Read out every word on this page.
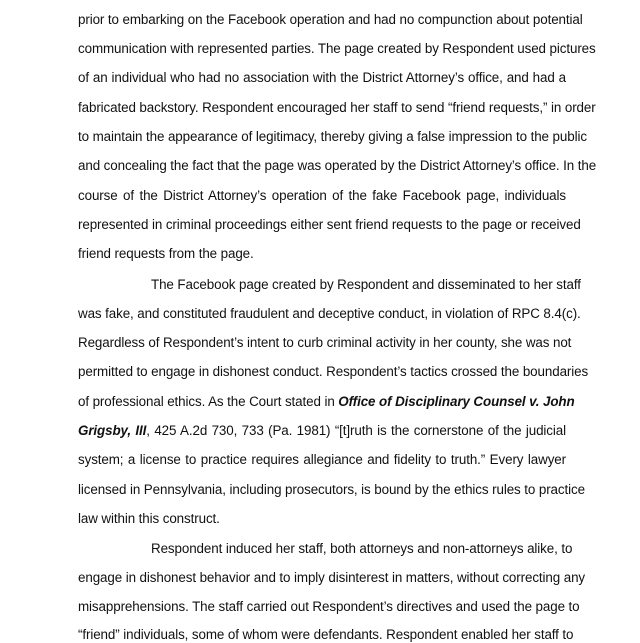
prior to embarking on the Facebook operation and had no compunction about potential
communication with represented parties. The page created by Respondent used pictures
of an individual who had no association with the District Attorney’s office, and had a
fabricated backstory. Respondent encouraged her staff to send “friend requests,” in order
to maintain the appearance of legitimacy, thereby giving a false impression to the public
and concealing the fact that the page was operated by the District Attorney’s office. In the
course of the District Attorney’s operation of the fake Facebook page, individuals
represented in criminal proceedings either sent friend requests to the page or received
friend requests from the page.
The Facebook page created by Respondent and disseminated to her staff
was fake, and constituted fraudulent and deceptive conduct, in violation of RPC 8.4(c).
Regardless of Respondent’s intent to curb criminal activity in her county, she was not
permitted to engage in dishonest conduct. Respondent’s tactics crossed the boundaries
of professional ethics. As the Court stated in Office of Disciplinary Counsel v. John
Grigsby, III, 425 A.2d 730, 733 (Pa. 1981) “[t]ruth is the cornerstone of the judicial
system; a license to practice requires allegiance and fidelity to truth.” Every lawyer
licensed in Pennsylvania, including prosecutors, is bound by the ethics rules to practice
law within this construct.
Respondent induced her staff, both attorneys and non-attorneys alike, to
engage in dishonest behavior and to imply disinterest in matters, without correcting any
misapprehensions. The staff carried out Respondent’s directives and used the page to
“friend” individuals, some of whom were defendants. Respondent enabled her staff to
